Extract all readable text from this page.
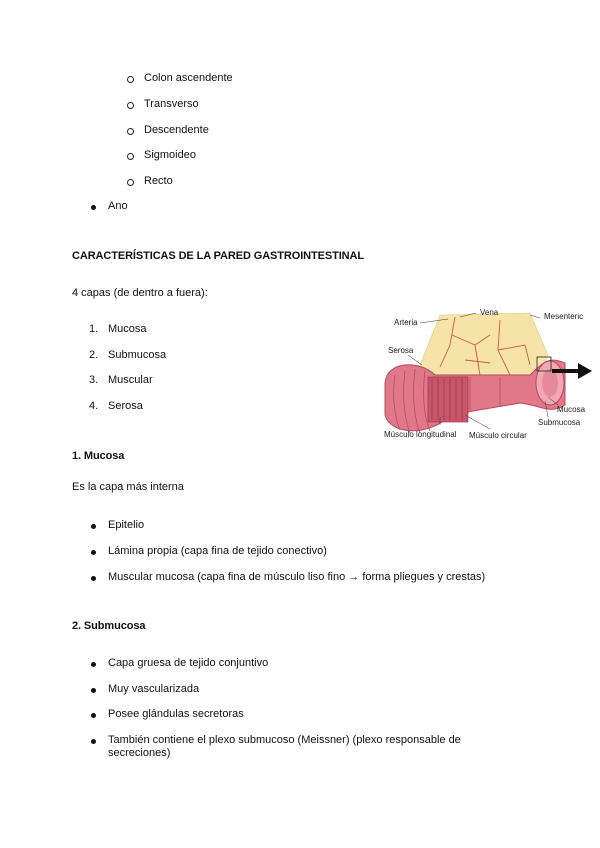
Colon ascendente
Transverso
Descendente
Sigmoideo
Recto
Ano
CARACTERÍSTICAS DE LA PARED GASTROINTESTINAL
4 capas (de dentro a fuera):
1. Mucosa
2. Submucosa
3. Muscular
4. Serosa
Vena
Arteria
Mesenteric
Serosa
Mucosa
Submucosa
Músculo longitudinal Músculo circular
1. Mucosa
Es la capa más interna
Epitelio
Lámina propia (capa fina de tejido conectivo)
Muscular mucosa (capa fina de músculo liso fino → forma pliegues y crestas)
2. Submucosa
Capa gruesa de tejido conjuntivo
Muy vascularizada
Posee glándulas secretoras
También contiene el plexo submucoso (Meissner) (plexo responsable de secreciones)
